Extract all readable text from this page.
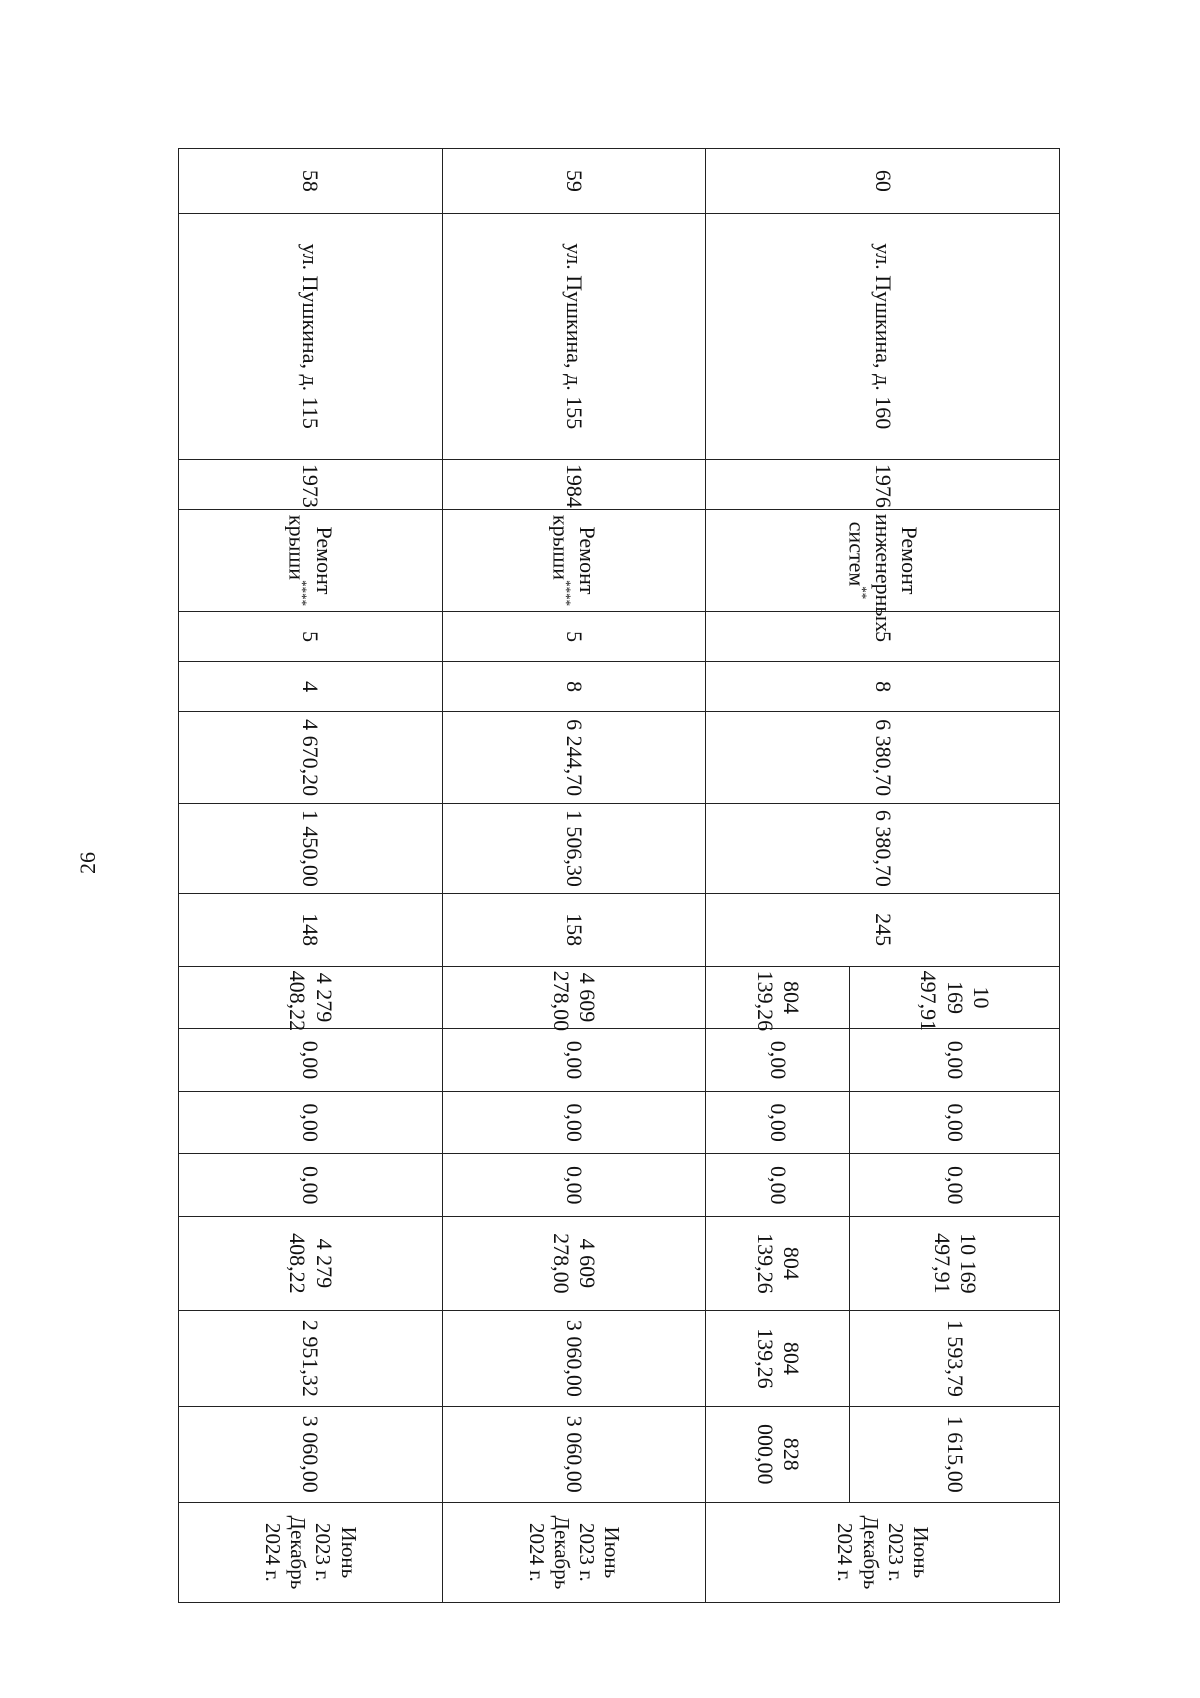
26
60	ул. Пушкина, д. 160	1976	Ремонт инженерных систем**	5	8	6 380,70	6 380,70	245	10 169 497,91	0,00	0,00	0,00	10 169 497,91	1 593,79	1 615,00	Июнь 2023 г.
Декабрь 2024 г.

									804 139,26	0,00	0,00	0,00	804 139,26	804 139,26	828 000,00	
59	ул. Пушкина, д. 155	1984	Ремонт крыши****	5	8	6 244,70	1 506,30	158	4 609 278,00	0,00	0,00	0,00	4 609 278,00	3 060,00	3 060,00	Июнь 2023 г.
Декабрь 2024 г.

58	ул. Пушкина, д. 115	1973	Ремонт крыши****	5	4	4 670,20	1 450,00	148	4 279 408,22	0,00	0,00	0,00	4 279 408,22	2 951,32	3 060,00	Июнь 2023 г.
Декабрь 2024 г.
